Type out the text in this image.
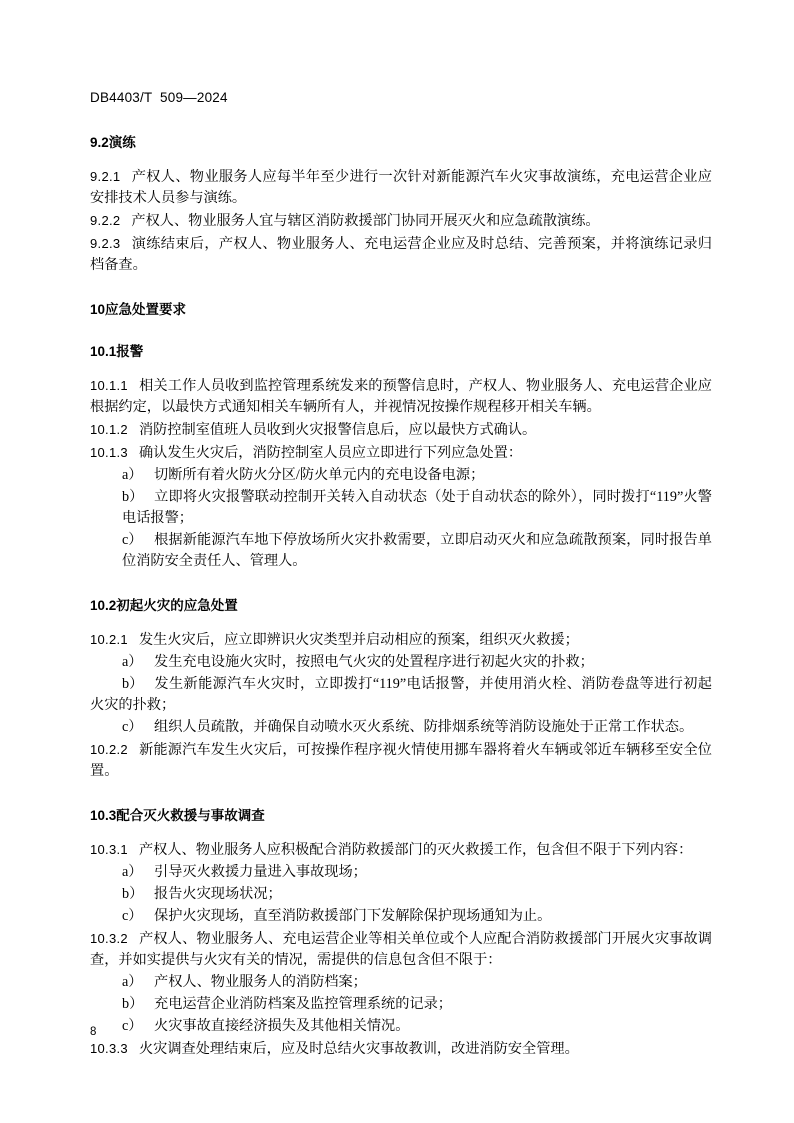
DB4403/T  509—2024
9.2演练

9.2.1 产权人、物业服务人应每半年至少进行一次针对新能源汽车火灾事故演练，充电运营企业应安排技术人员参与演练。

9.2.2 产权人、物业服务人宜与辖区消防救援部门协同开展灭火和应急疏散演练。

9.2.3 演练结束后，产权人、物业服务人、充电运营企业应及时总结、完善预案，并将演练记录归档备查。

10应急处置要求
10.1报警

10.1.1 相关工作人员收到监控管理系统发来的预警信息时，产权人、物业服务人、充电运营企业应根据约定，以最快方式通知相关车辆所有人，并视情况按操作规程移开相关车辆。

10.1.2 消防控制室值班人员收到火灾报警信息后，应以最快方式确认。

10.1.3 确认发生火灾后，消防控制室人员应立即进行下列应急处置：

a） 切断所有着火防火分区/防火单元内的充电设备电源；

b） 立即将火灾报警联动控制开关转入自动状态（处于自动状态的除外），同时拨打“119”火警电话报警；

c） 根据新能源汽车地下停放场所火灾扑救需要，立即启动灭火和应急疏散预案，同时报告单位消防安全责任人、管理人。

10.2初起火灾的应急处置

10.2.1 发生火灾后，应立即辨识火灾类型并启动相应的预案，组织灭火救援；

a） 发生充电设施火灾时，按照电气火灾的处置程序进行初起火灾的扑救；

b） 发生新能源汽车火灾时，立即拨打“119”电话报警，并使用消火栓、消防卷盘等进行初起火灾的扑救；

c） 组织人员疏散，并确保自动喷水灭火系统、防排烟系统等消防设施处于正常工作状态。

10.2.2 新能源汽车发生火灾后，可按操作程序视火情使用挪车器将着火车辆或邻近车辆移至安全位置。

10.3配合灭火救援与事故调查

10.3.1 产权人、物业服务人应积极配合消防救援部门的灭火救援工作，包含但不限于下列内容：

a） 引导灭火救援力量进入事故现场；

b） 报告火灾现场状况；

c） 保护火灾现场，直至消防救援部门下发解除保护现场通知为止。

10.3.2 产权人、物业服务人、充电运营企业等相关单位或个人应配合消防救援部门开展火灾事故调查，并如实提供与火灾有关的情况，需提供的信息包含但不限于：

a） 产权人、物业服务人的消防档案；

b） 充电运营企业消防档案及监控管理系统的记录；

c） 火灾事故直接经济损失及其他相关情况。

10.3.3 火灾调查处理结束后，应及时总结火灾事故教训，改进消防安全管理。

8
